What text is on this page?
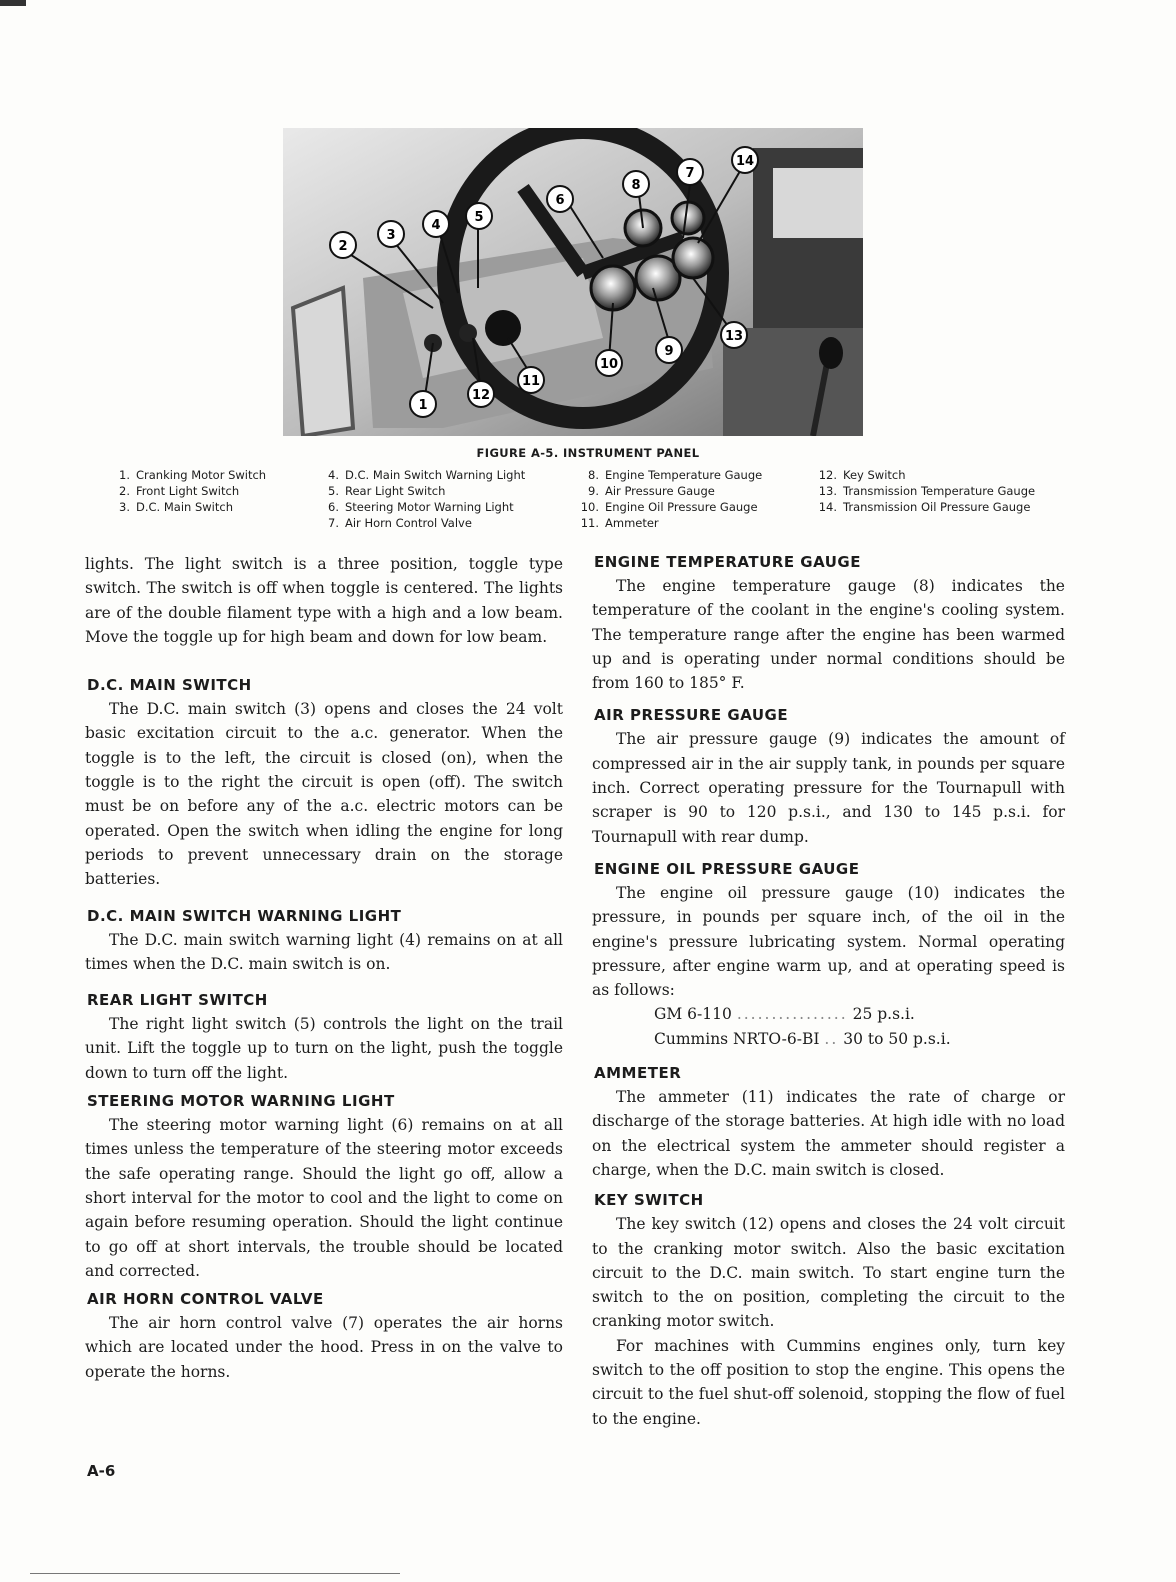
1
2
3
4
5
6
7
8
9
10
11
12
13
14
FIGURE A-5. INSTRUMENT PANEL
1. Cranking Motor Switch
2. Front Light Switch
3. D.C. Main Switch
4. D.C. Main Switch Warning Light
5. Rear Light Switch
6. Steering Motor Warning Light
7. Air Horn Control Valve
8. Engine Temperature Gauge
9. Air Pressure Gauge
10. Engine Oil Pressure Gauge
11. Ammeter
12. Key Switch
13. Transmission Temperature Gauge
14. Transmission Oil Pressure Gauge

lights. The light switch is a three position, toggle type switch. The switch is off when toggle is centered. The lights are of the double filament type with a high and a low beam. Move the toggle up for high beam and down for low beam.

D.C. MAIN SWITCH

The D.C. main switch (3) opens and closes the 24 volt basic excitation circuit to the a.c. generator. When the toggle is to the left, the circuit is closed (on), when the toggle is to the right the circuit is open (off). The switch must be on before any of the a.c. electric motors can be operated. Open the switch when idling the engine for long periods to prevent unnecessary drain on the storage batteries.

D.C. MAIN SWITCH WARNING LIGHT

The D.C. main switch warning light (4) remains on at all times when the D.C. main switch is on.

REAR LIGHT SWITCH

The right light switch (5) controls the light on the trail unit. Lift the toggle up to turn on the light, push the toggle down to turn off the light.

STEERING MOTOR WARNING LIGHT

The steering motor warning light (6) remains on at all times unless the temperature of the steering motor exceeds the safe operating range. Should the light go off, allow a short interval for the motor to cool and the light to come on again before resuming operation. Should the light continue to go off at short intervals, the trouble should be located and corrected.

AIR HORN CONTROL VALVE

The air horn control valve (7) operates the air horns which are located under the hood. Press in on the valve to operate the horns.

ENGINE TEMPERATURE GAUGE

The engine temperature gauge (8) indicates the temperature of the coolant in the engine's cooling system. The temperature range after the engine has been warmed up and is operating under normal conditions should be from 160 to 185° F.

AIR PRESSURE GAUGE

The air pressure gauge (9) indicates the amount of compressed air in the air supply tank, in pounds per square inch. Correct operating pressure for the Tournapull with scraper is 90 to 120 p.s.i., and 130 to 145 p.s.i. for Tournapull with rear dump.

ENGINE OIL PRESSURE GAUGE

The engine oil pressure gauge (10) indicates the pressure, in pounds per square inch, of the oil in the engine's pressure lubricating system. Normal operating pressure, after engine warm up, and at operating speed is as follows:

GM 6-110 ................ 25 p.s.i.
Cummins NRTO-6-BI .. 30 to 50 p.s.i.
AMMETER

The ammeter (11) indicates the rate of charge or discharge of the storage batteries. At high idle with no load on the electrical system the ammeter should register a charge, when the D.C. main switch is closed.

KEY SWITCH

The key switch (12) opens and closes the 24 volt circuit to the cranking motor switch. Also the basic excitation circuit to the D.C. main switch. To start engine turn the switch to the on position, completing the circuit to the cranking motor switch.

For machines with Cummins engines only, turn key switch to the off position to stop the engine. This opens the circuit to the fuel shut-off solenoid, stopping the flow of fuel to the engine.

A-6
